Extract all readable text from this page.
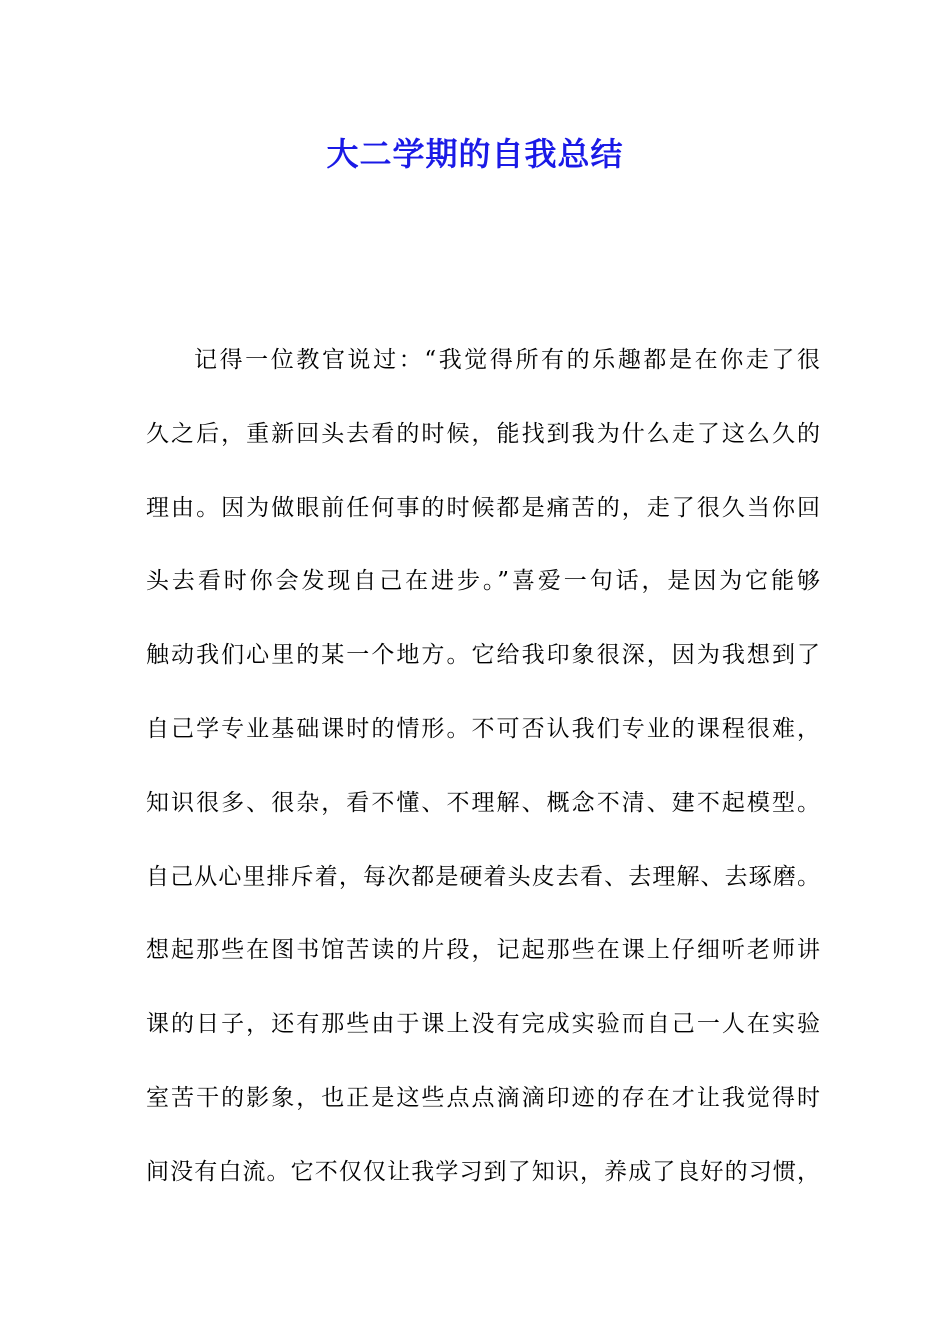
大二学期的自我总结
记得一位教官说过：“我觉得所有的乐趣都是在你走了很
久之后，重新回头去看的时候，能找到我为什么走了这么久的
理由。因为做眼前任何事的时候都是痛苦的，走了很久当你回
头去看时你会发现自己在进步。”喜爱一句话，是因为它能够
触动我们心里的某一个地方。它给我印象很深，因为我想到了
自己学专业基础课时的情形。不可否认我们专业的课程很难，
知识很多、很杂，看不懂、不理解、概念不清、建不起模型。
自己从心里排斥着，每次都是硬着头皮去看、去理解、去琢磨。
想起那些在图书馆苦读的片段，记起那些在课上仔细听老师讲
课的日子，还有那些由于课上没有完成实验而自己一人在实验
室苦干的影象，也正是这些点点滴滴印迹的存在才让我觉得时
间没有白流。它不仅仅让我学习到了知识，养成了良好的习惯，
